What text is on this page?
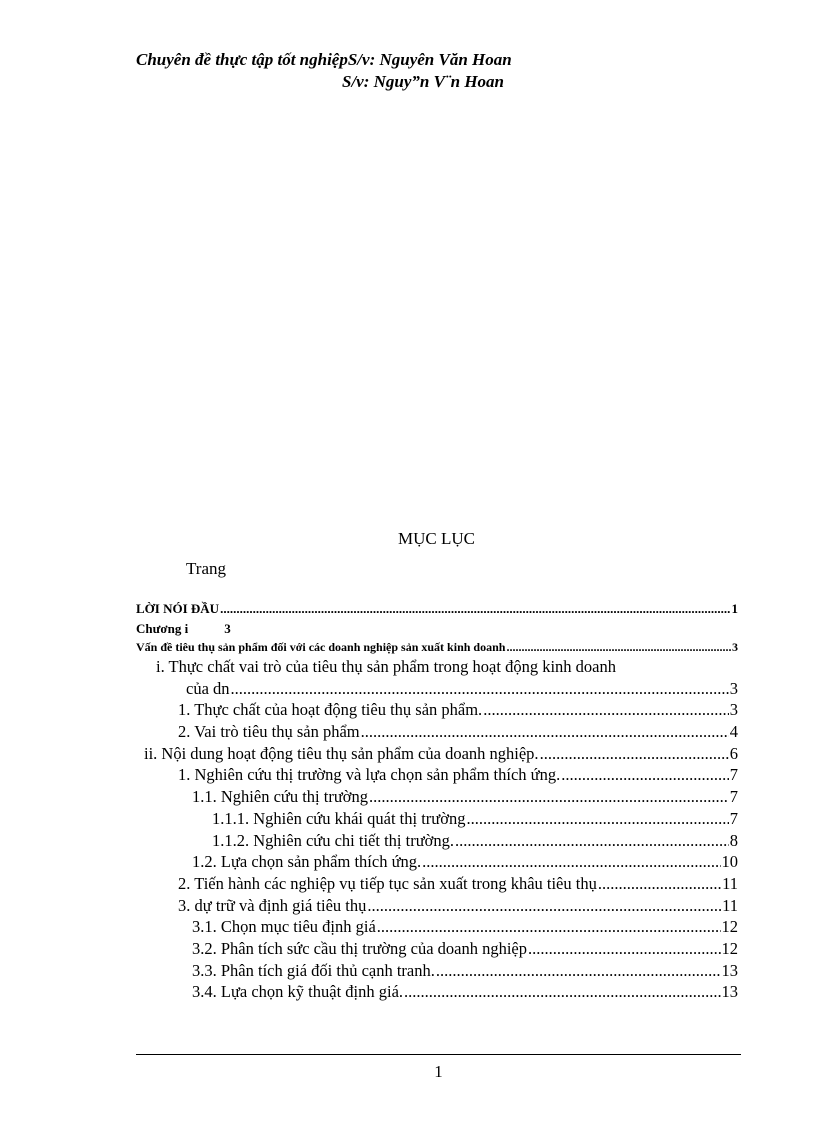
Chuyên đề thực tập tốt nghiệpS/v: Nguyên Văn Hoan
S/v: Nguy”n V¨n Hoan
MỤC LỤC
Trang
LỜI NÓI ĐẦU .....	1
Chương i	3
Vấn đề tiêu thụ sản phẩm đối với các doanh nghiệp sản xuất kinh doanh .....	3
i. Thực chất vai trò của tiêu thụ sản phẩm trong hoạt động kinh doanh
của dn .....	3
1. Thực chất của hoạt động tiêu thụ sản phẩm. .....	3
2. Vai trò tiêu thụ sản phẩm .....	4
ii. Nội dung hoạt động tiêu thụ sản phẩm của doanh nghiệp. .....	6
1. Nghiên cứu thị trường và lựa chọn sản phẩm thích ứng. .....	7
1.1. Nghiên cứu thị trường .....	7
1.1.1. Nghiên cứu khái quát thị trường .....	7
1.1.2. Nghiên cứu chi tiết thị trường. .....	8
1.2. Lựa chọn sản phẩm thích ứng. .....	10
2. Tiến hành các nghiệp vụ tiếp tục sản xuất trong khâu tiêu thụ .....	11
3. dự trữ và định giá tiêu thụ .....	11
3.1. Chọn mục tiêu định giá .....	12
3.2. Phân tích sức cầu thị trường của doanh nghiệp .....	12
3.3. Phân tích giá đối thủ cạnh tranh. .....	13
3.4. Lựa chọn kỹ thuật định giá. .....	13
1
